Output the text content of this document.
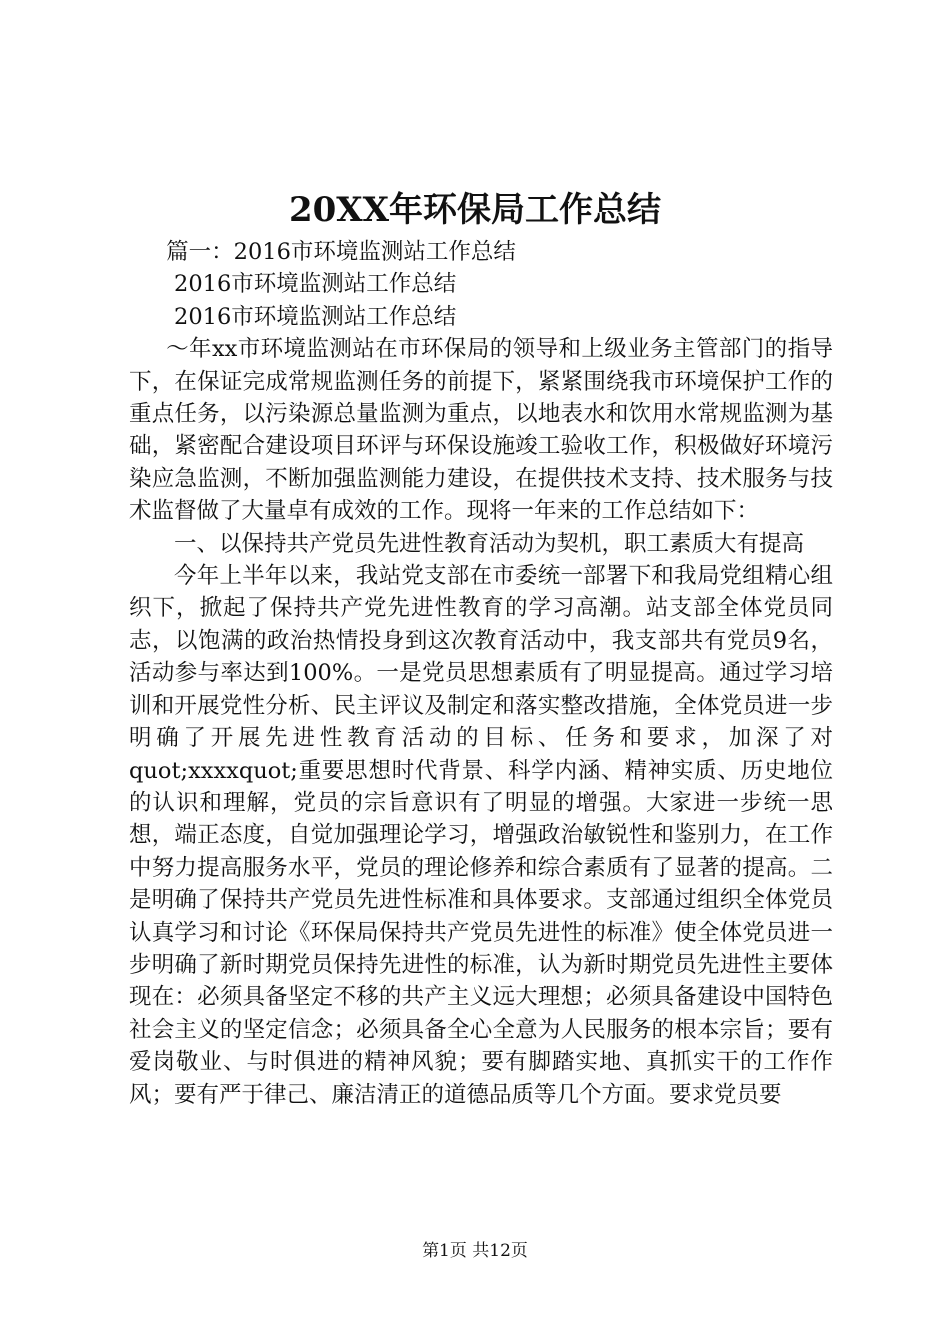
20XX年环保局工作总结

篇一：2016市环境监测站工作总结

2016市环境监测站工作总结

2016市环境监测站工作总结

～年xx市环境监测站在市环保局的领导和上级业务主管部门的指导下，在保证完成常规监测任务的前提下，紧紧围绕我市环境保护工作的重点任务，以污染源总量监测为重点，以地表水和饮用水常规监测为基础，紧密配合建设项目环评与环保设施竣工验收工作，积极做好环境污染应急监测，不断加强监测能力建设，在提供技术支持、技术服务与技术监督做了大量卓有成效的工作。现将一年来的工作总结如下：

一、以保持共产党员先进性教育活动为契机，职工素质大有提高

今年上半年以来，我站党支部在市委统一部署下和我局党组精心组织下，掀起了保持共产党先进性教育的学习高潮。站支部全体党员同志，以饱满的政治热情投身到这次教育活动中，我支部共有党员9名，活动参与率达到100%。一是党员思想素质有了明显提高。通过学习培训和开展党性分析、民主评议及制定和落实整改措施，全体党员进一步明确了开展先进性教育活动的目标、任务和要求，加深了对quot;xxxxquot;重要思想时代背景、科学内涵、精神实质、历史地位的认识和理解，党员的宗旨意识有了明显的增强。大家进一步统一思想，端正态度，自觉加强理论学习，增强政治敏锐性和鉴别力，在工作中努力提高服务水平，党员的理论修养和综合素质有了显著的提高。二是明确了保持共产党员先进性标准和具体要求。支部通过组织全体党员认真学习和讨论《环保局保持共产党员先进性的标准》使全体党员进一步明确了新时期党员保持先进性的标准，认为新时期党员先进性主要体现在：必须具备坚定不移的共产主义远大理想；必须具备建设中国特色社会主义的坚定信念；必须具备全心全意为人民服务的根本宗旨；要有爱岗敬业、与时俱进的精神风貌；要有脚踏实地、真抓实干的工作作风；要有严于律己、廉洁清正的道德品质等几个方面。要求党员要

第1页 共12页
